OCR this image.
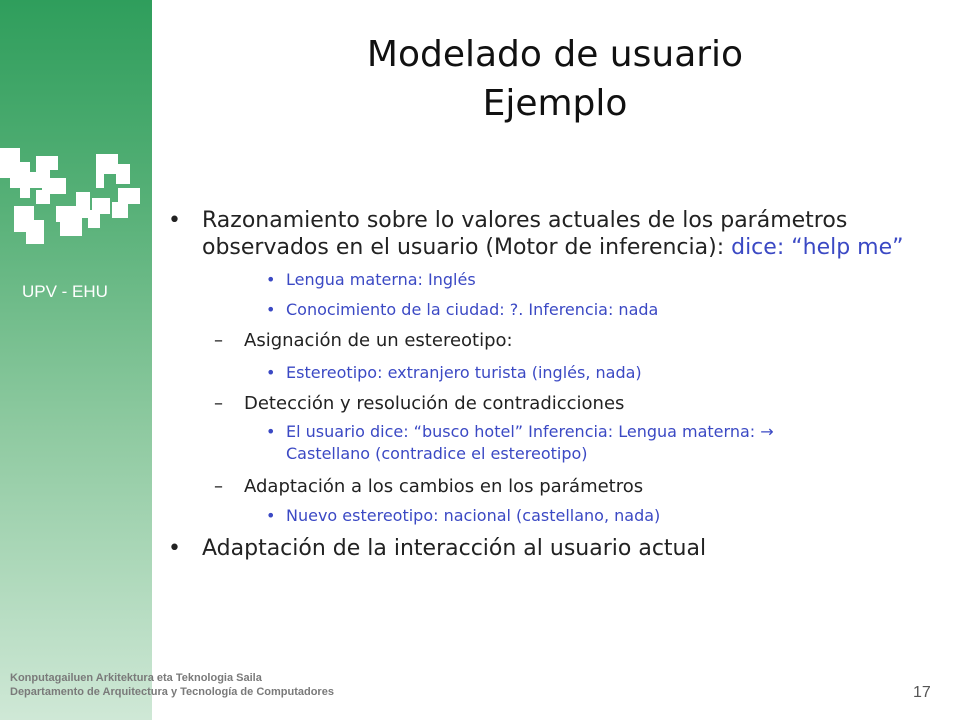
UPV - EHU
Modelado de usuario
Ejemplo
• Razonamiento sobre lo valores actuales de los parámetros observados en el usuario (Motor de inferencia): dice: “help me”
• Lengua materna: Inglés
• Conocimiento de la ciudad: ?. Inferencia: nada
– Asignación de un estereotipo:
• Estereotipo: extranjero turista (inglés, nada)
– Detección y resolución de contradicciones
• El usuario dice: “busco hotel” Inferencia: Lengua materna: → Castellano (contradice el estereotipo)
– Adaptación a los cambios en los parámetros
• Nuevo estereotipo: nacional (castellano, nada)
• Adaptación de la interacción al usuario actual
Konputagailuen Arkitektura eta Teknologia Saila
Departamento de Arquitectura y Tecnología de Computadores	17
